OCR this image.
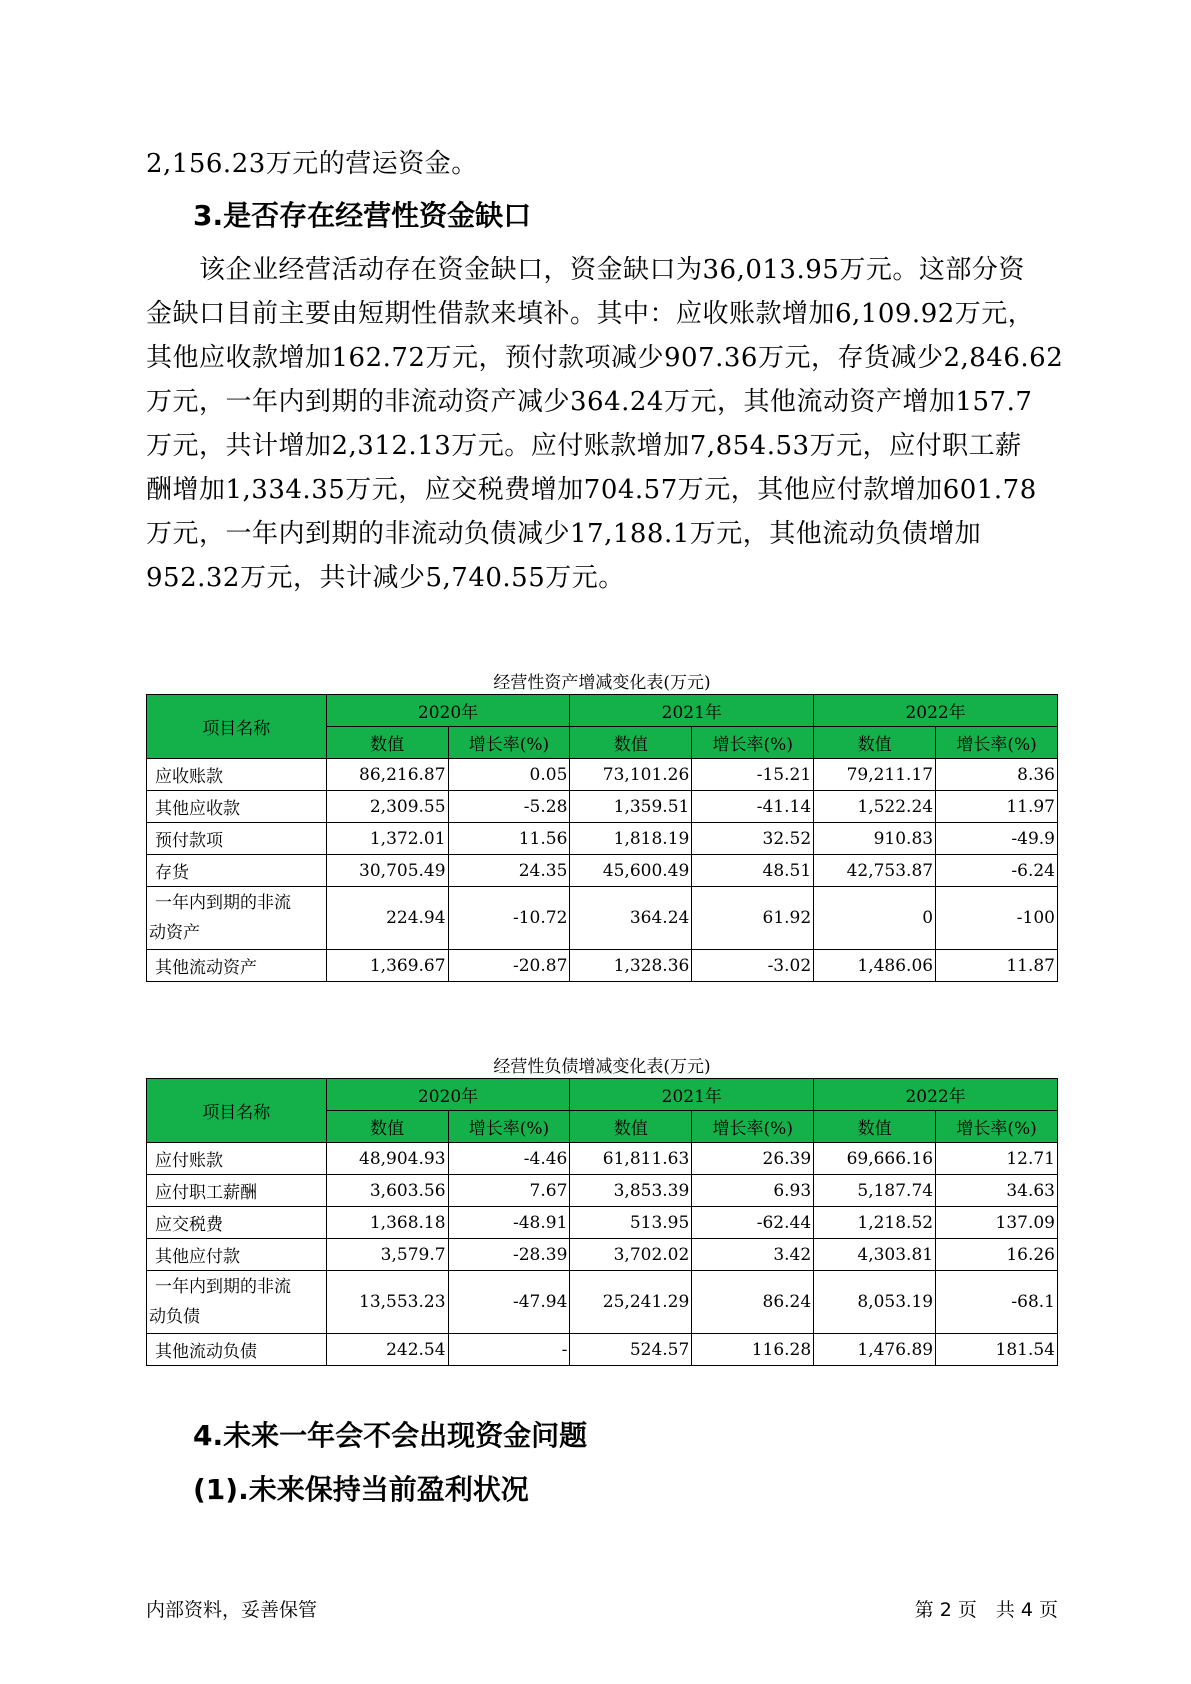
2,156.23万元的营运资金。
3.是否存在经营性资金缺口
　　该企业经营活动存在资金缺口，资金缺口为36,013.95万元。这部分资
金缺口目前主要由短期性借款来填补。其中：应收账款增加6,109.92万元，
其他应收款增加162.72万元，预付款项减少907.36万元，存货减少2,846.62
万元，一年内到期的非流动资产减少364.24万元，其他流动资产增加157.7
万元，共计增加2,312.13万元。应付账款增加7,854.53万元，应付职工薪
酬增加1,334.35万元，应交税费增加704.57万元，其他应付款增加601.78
万元，一年内到期的非流动负债减少17,188.1万元，其他流动负债增加
952.32万元，共计减少5,740.55万元。
经营性资产增减变化表(万元)
项目名称	2020年		2021年		2022年	
	数值	增长率(%)	数值	增长率(%)	数值	增长率(%)
应收账款	86,216.87	0.05	73,101.26	-15.21	79,211.17	8.36
其他应收款	2,309.55	-5.28	1,359.51	-41.14	1,522.24	11.97
预付款项	1,372.01	11.56	1,818.19	32.52	910.83	-49.9
存货	30,705.49	24.35	45,600.49	48.51	42,753.87	-6.24

一年内到期的非流
动资产	224.94	-10.72	364.24	61.92	0	-100
其他流动资产	1,369.67	-20.87	1,328.36	-3.02	1,486.06	11.87
经营性负债增减变化表(万元)
项目名称	2020年		2021年		2022年	
	数值	增长率(%)	数值	增长率(%)	数值	增长率(%)
应付账款	48,904.93	-4.46	61,811.63	26.39	69,666.16	12.71
应付职工薪酬	3,603.56	7.67	3,853.39	6.93	5,187.74	34.63
应交税费	1,368.18	-48.91	513.95	-62.44	1,218.52	137.09
其他应付款	3,579.7	-28.39	3,702.02	3.42	4,303.81	16.26

一年内到期的非流
动负债	13,553.23	-47.94	25,241.29	86.24	8,053.19	-68.1
其他流动负债	242.54	-	524.57	116.28	1,476.89	181.54
4.未来一年会不会出现资金问题
(1).未来保持当前盈利状况
内部资料，妥善保管	第 2 页　共 4 页
